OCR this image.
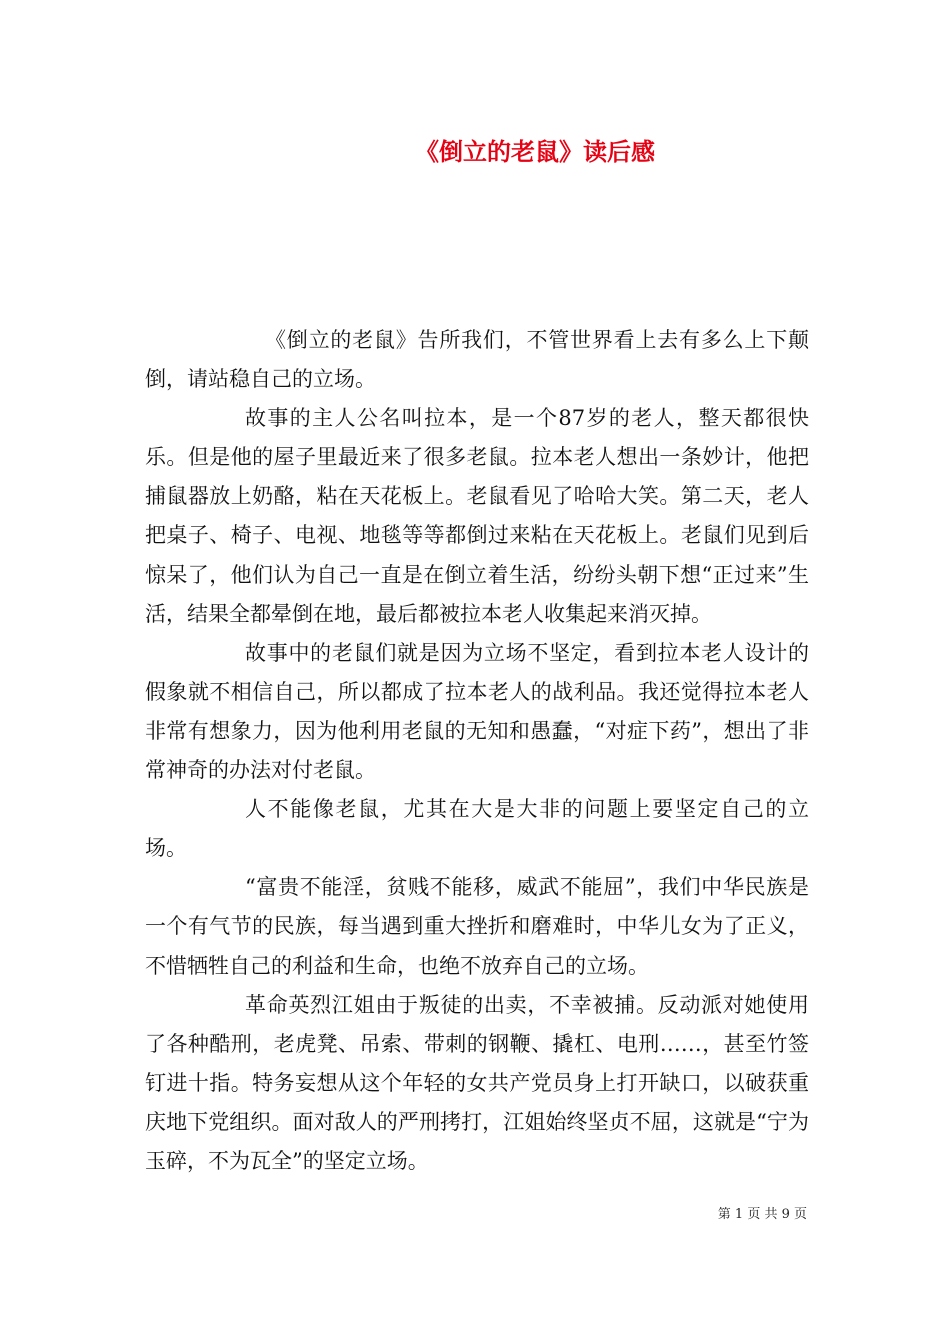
《倒立的老鼠》读后感

《倒立的老鼠》告所我们，不管世界看上去有多么上下颠倒，请站稳自己的立场。

故事的主人公名叫拉本，是一个87岁的老人，整天都很快乐。但是他的屋子里最近来了很多老鼠。拉本老人想出一条妙计，他把捕鼠器放上奶酪，粘在天花板上。老鼠看见了哈哈大笑。第二天，老人把桌子、椅子、电视、地毯等等都倒过来粘在天花板上。老鼠们见到后惊呆了，他们认为自己一直是在倒立着生活，纷纷头朝下想“正过来”生活，结果全都晕倒在地，最后都被拉本老人收集起来消灭掉。

故事中的老鼠们就是因为立场不坚定，看到拉本老人设计的假象就不相信自己，所以都成了拉本老人的战利品。我还觉得拉本老人非常有想象力，因为他利用老鼠的无知和愚蠢，“对症下药”，想出了非常神奇的办法对付老鼠。

人不能像老鼠，尤其在大是大非的问题上要坚定自己的立场。

“富贵不能淫，贫贱不能移，威武不能屈”，我们中华民族是一个有气节的民族，每当遇到重大挫折和磨难时，中华儿女为了正义，不惜牺牲自己的利益和生命，也绝不放弃自己的立场。

革命英烈江姐由于叛徒的出卖，不幸被捕。反动派对她使用了各种酷刑，老虎凳、吊索、带刺的钢鞭、撬杠、电刑……，甚至竹签钉进十指。特务妄想从这个年轻的女共产党员身上打开缺口，以破获重庆地下党组织。面对敌人的严刑拷打，江姐始终坚贞不屈，这就是“宁为玉碎，不为瓦全”的坚定立场。

第 1 页 共 9 页
